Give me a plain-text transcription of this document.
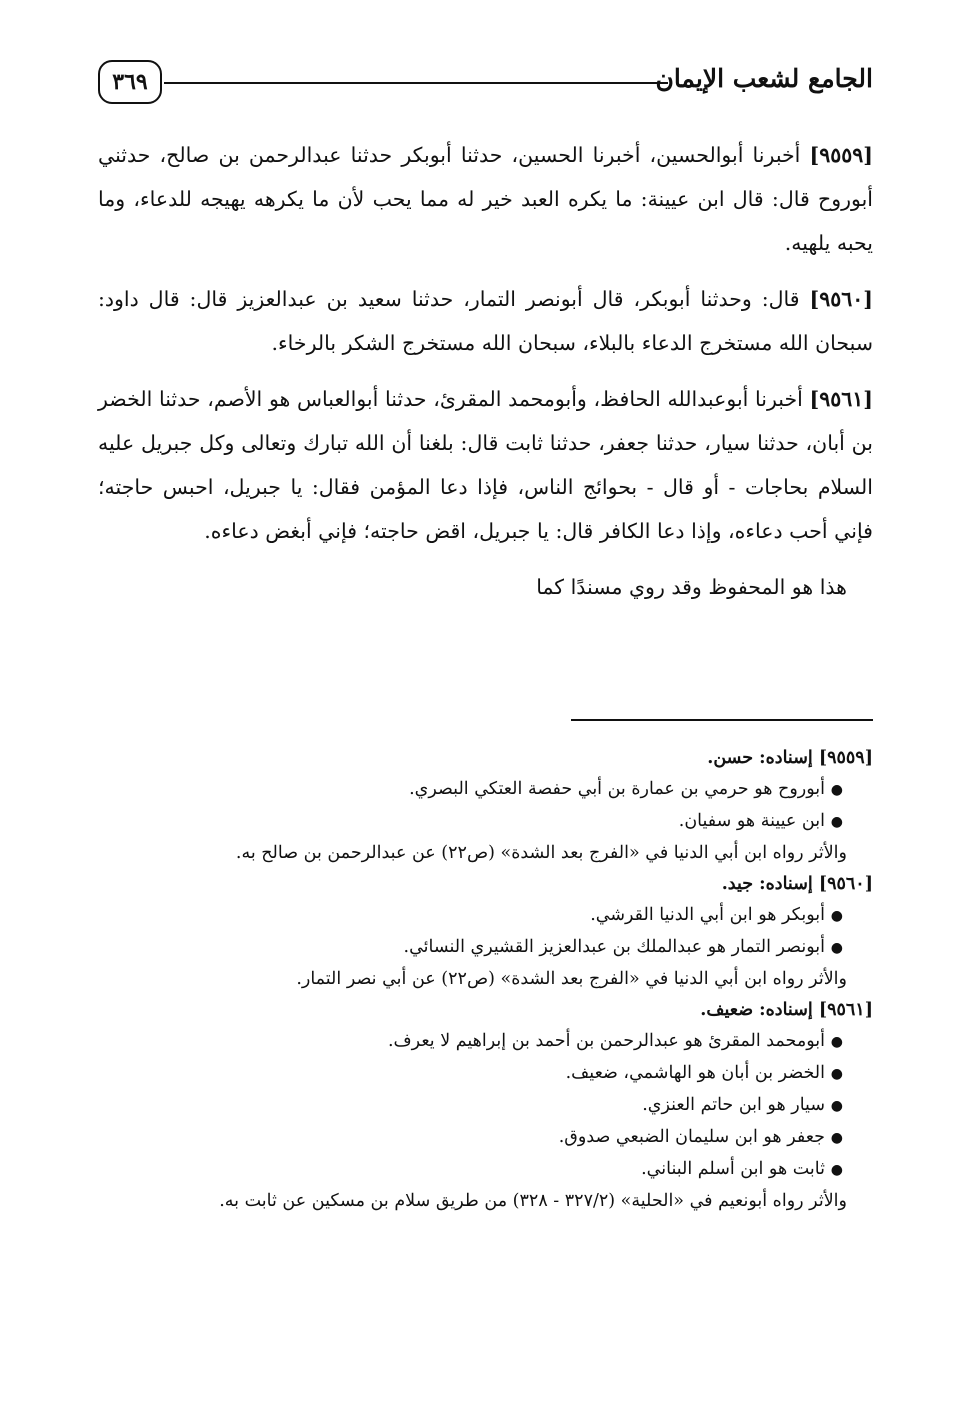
الجامع لشعب الإيمان
٣٦٩

[٩٥٥٩] أخبرنا أبوالحسين، أخبرنا الحسين، حدثنا أبوبكر حدثنا عبدالرحمن بن صالح، حدثني أبوروح قال: قال ابن عيينة: ما يكره العبد خير له مما يحب لأن ما يكرهه يهيجه للدعاء، وما يحبه يلهيه.

[٩٥٦٠] قال: وحدثنا أبوبكر، قال أبونصر التمار، حدثنا سعيد بن عبدالعزيز قال: قال داود: سبحان الله مستخرج الدعاء بالبلاء، سبحان الله مستخرج الشكر بالرخاء.

[٩٥٦١] أخبرنا أبوعبدالله الحافظ، وأبومحمد المقرئ، حدثنا أبوالعباس هو الأصم، حدثنا الخضر بن أبان، حدثنا سيار، حدثنا جعفر، حدثنا ثابت قال: بلغنا أن الله تبارك وتعالى وكل جبريل عليه السلام بحاجات - أو قال - بحوائج الناس، فإذا دعا المؤمن فقال: يا جبريل، احبس حاجته؛ فإني أحب دعاءه، وإذا دعا الكافر قال: يا جبريل، اقض حاجته؛ فإني أبغض دعاءه.

هذا هو المحفوظ وقد روي مسندًا كما

[٩٥٥٩] إسناده: حسن.

●أبوروح هو حرمي بن عمارة بن أبي حفصة العتكي البصري.
●ابن عيينة هو سفيان.

والأثر رواه ابن أبي الدنيا في «الفرج بعد الشدة» (ص٢٢) عن عبدالرحمن بن صالح به.

[٩٥٦٠] إسناده: جيد.

●أبوبكر هو ابن أبي الدنيا القرشي.
●أبونصر التمار هو عبدالملك بن عبدالعزيز القشيري النسائي.

والأثر رواه ابن أبي الدنيا في «الفرج بعد الشدة» (ص٢٢) عن أبي نصر التمار.

[٩٥٦١] إسناده: ضعيف.

●أبومحمد المقرئ هو عبدالرحمن بن أحمد بن إبراهيم لا يعرف.
●الخضر بن أبان هو الهاشمي، ضعيف.
●سيار هو ابن حاتم العنزي.
●جعفر هو ابن سليمان الضبعي صدوق.
●ثابت هو ابن أسلم البناني.

والأثر رواه أبونعيم في «الحلية» (٣٢٧/٢ - ٣٢٨) من طريق سلام بن مسكين عن ثابت به.
